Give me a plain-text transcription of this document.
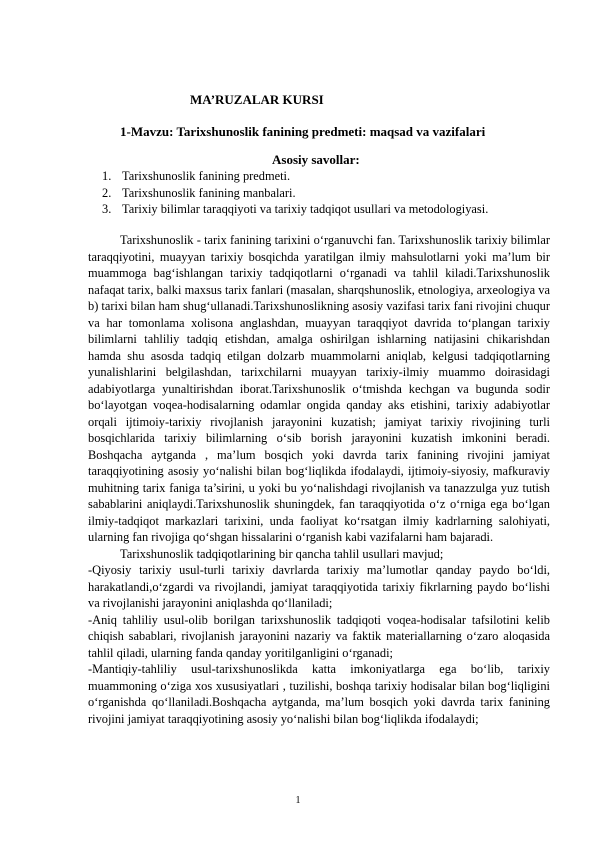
MA’RUZALAR KURSI
1-Mavzu: Tarixshunoslik fanining predmeti: maqsad va vazifalari
Asosiy savollar:
1. Tarixshunoslik fanining predmeti.
2. Tarixshunoslik fanining manbalari.
3. Tarixiy bilimlar taraqqiyoti va tarixiy tadqiqot usullari va metodologiyasi.

Tarixshunoslik - tarix fanining tarixini o‘rganuvchi fan. Tarixshunoslik tarixiy bilimlar taraqqiyotini, muayyan tarixiy bosqichda yaratilgan ilmiy mahsulotlarni yoki ma’lum bir muammoga bag‘ishlangan tarixiy tadqiqotlarni o‘rganadi va tahlil kiladi.Tarixshunoslik nafaqat tarix, balki maxsus tarix fanlari (masalan, sharqshunoslik, etnologiya, arxeologiya va b) tarixi bilan ham shug‘ullanadi.Tarixshunoslikning asosiy vazifasi tarix fani rivojini chuqur va har tomonlama xolisona anglashdan, muayyan taraqqiyot davrida to‘plangan tarixiy bilimlarni tahliliy tadqiq etishdan, amalga oshirilgan ishlarning natijasini chikarishdan hamda shu asosda tadqiq etilgan dolzarb muammolarni aniqlab, kelgusi tadqiqotlarning yunalishlarini belgilashdan, tarixchilarni muayyan tarixiy-ilmiy muammo doirasidagi adabiyotlarga yunaltirishdan iborat.Tarixshunoslik o‘tmishda kechgan va bugunda sodir bo‘layotgan voqea-hodisalarning odamlar ongida qanday aks etishini, tarixiy adabiyotlar orqali ijtimoiy-tarixiy rivojlanish jarayonini kuzatish; jamiyat tarixiy rivojining turli bosqichlarida tarixiy bilimlarning o‘sib borish jarayonini kuzatish imkonini beradi. Boshqacha aytganda , ma’lum bosqich yoki davrda tarix fanining rivojini jamiyat taraqqiyotining asosiy yo‘nalishi bilan bog‘liqlikda ifodalaydi, ijtimoiy-siyosiy, mafkuraviy muhitning tarix faniga ta’sirini, u yoki bu yo‘nalishdagi rivojlanish va tanazzulga yuz tutish sabablarini aniqlaydi.Tarixshunoslik shuningdek, fan taraqqiyotida o‘z o‘rniga ega bo‘lgan ilmiy-tadqiqot markazlari tarixini, unda faoliyat ko‘rsatgan ilmiy kadrlarning salohiyati, ularning fan rivojiga qo‘shgan hissalarini o‘rganish kabi vazifalarni ham bajaradi.

Tarixshunoslik tadqiqotlarining bir qancha tahlil usullari mavjud;

-Qiyosiy tarixiy usul-turli tarixiy davrlarda tarixiy ma’lumotlar qanday paydo bo‘ldi, harakatlandi,o‘zgardi va rivojlandi, jamiyat taraqqiyotida tarixiy fikrlarning paydo bo‘lishi va rivojlanishi jarayonini aniqlashda qo‘llaniladi;

-Aniq tahliliy usul-olib borilgan tarixshunoslik tadqiqoti voqea-hodisalar tafsilotini kelib chiqish sabablari, rivojlanish jarayonini nazariy va faktik materiallarning o‘zaro aloqasida tahlil qiladi, ularning fanda qanday yoritilganligini o‘rganadi;

-Mantiqiy-tahliliy usul-tarixshunoslikda katta imkoniyatlarga ega bo‘lib, tarixiy muammoning o‘ziga xos xususiyatlari , tuzilishi, boshqa tarixiy hodisalar bilan bog‘liqligini o‘rganishda qo‘llaniladi.Boshqacha aytganda, ma’lum bosqich yoki davrda tarix fanining rivojini jamiyat taraqqiyotining asosiy yo‘nalishi bilan bog‘liqlikda ifodalaydi;

1
